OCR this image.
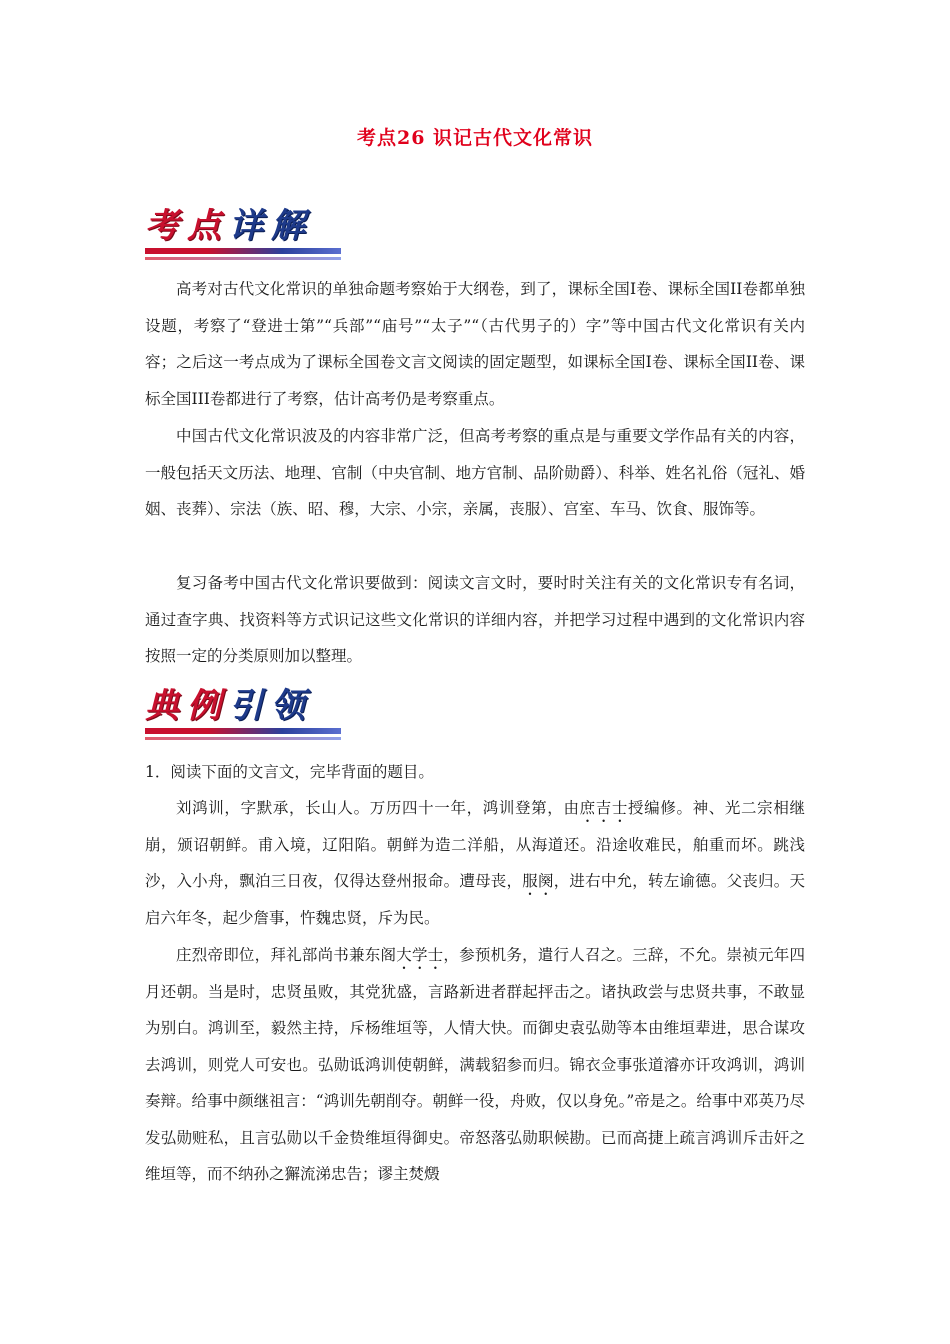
考点26 识记古代文化常识
考点详解

高考对古代文化常识的单独命题考察始于大纲卷，到了，课标全国Ⅰ卷、课标全国II卷都单独设题，考察了“登进士第”“兵部”“庙号”“太子”“（古代男子的）字”等中国古代文化常识有关内容；之后这一考点成为了课标全国卷文言文阅读的固定题型，如课标全国Ⅰ卷、课标全国II卷、课标全国III卷都进行了考察，估计高考仍是考察重点。

中国古代文化常识波及的内容非常广泛，但高考考察的重点是与重要文学作品有关的内容，一般包括天文历法、地理、官制（中央官制、地方官制、品阶勋爵）、科举、姓名礼俗（冠礼、婚姻、丧葬）、宗法（族、昭、穆，大宗、小宗，亲属，丧服）、宫室、车马、饮食、服饰等。

复习备考中国古代文化常识要做到：阅读文言文时，要时时关注有关的文化常识专有名词，通过查字典、找资料等方式识记这些文化常识的详细内容，并把学习过程中遇到的文化常识内容按照一定的分类原则加以整理。

典例引领

1．阅读下面的文言文，完毕背面的题目。

刘鸿训，字默承，长山人。万历四十一年，鸿训登第，由庶吉士授编修。神、光二宗相继崩，颁诏朝鲜。甫入境，辽阳陷。朝鲜为造二洋船，从海道还。沿途收难民，舶重而坏。跳浅沙，入小舟，飘泊三日夜，仅得达登州报命。遭母丧，服阕，进右中允，转左谕德。父丧归。天启六年冬，起少詹事，忤魏忠贤，斥为民。

庄烈帝即位，拜礼部尚书兼东阁大学士，参预机务，遣行人召之。三辞，不允。崇祯元年四月还朝。当是时，忠贤虽败，其党犹盛，言路新进者群起抨击之。诸执政尝与忠贤共事，不敢显为别白。鸿训至，毅然主持，斥杨维垣等，人情大快。而御史袁弘勋等本由维垣辈进，思合谋攻去鸿训，则党人可安也。弘勋诋鸿训使朝鲜，满载貂参而归。锦衣佥事张道濬亦讦攻鸿训，鸿训奏辩。给事中颜继祖言：“鸿训先朝削夺。朝鲜一役，舟败，仅以身免。”帝是之。给事中邓英乃尽发弘勋赃私，且言弘勋以千金贽维垣得御史。帝怒落弘勋职候勘。已而高捷上疏言鸿训斥击奸之维垣等，而不纳孙之獬流涕忠告；谬主焚燬
